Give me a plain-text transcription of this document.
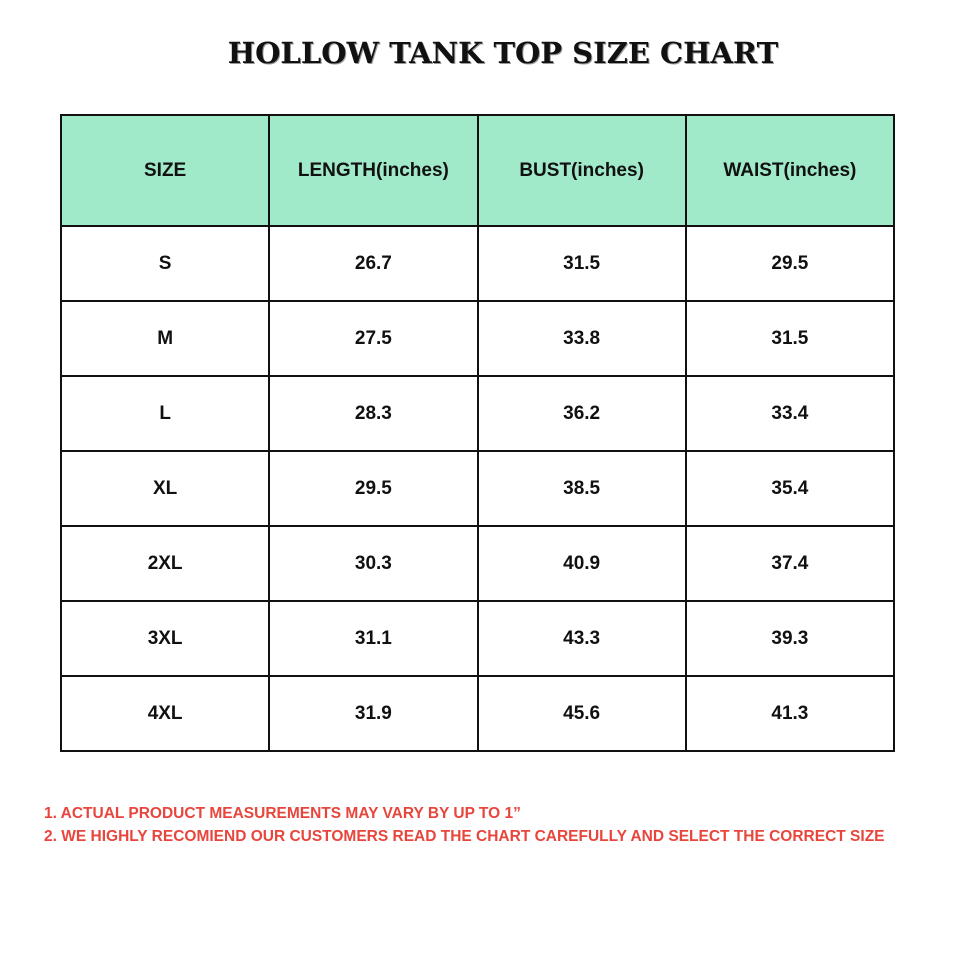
HOLLOW TANK TOP SIZE CHART
SIZE	LENGTH(inches)	BUST(inches)	WAIST(inches)
S	26.7	31.5	29.5
M	27.5	33.8	31.5
L	28.3	36.2	33.4
XL	29.5	38.5	35.4
2XL	30.3	40.9	37.4
3XL	31.1	43.3	39.3
4XL	31.9	45.6	41.3
1. ACTUAL PRODUCT MEASUREMENTS MAY VARY BY UP TO 1”
2. WE HIGHLY RECOMIEND OUR CUSTOMERS READ THE CHART CAREFULLY AND SELECT THE CORRECT SIZE
